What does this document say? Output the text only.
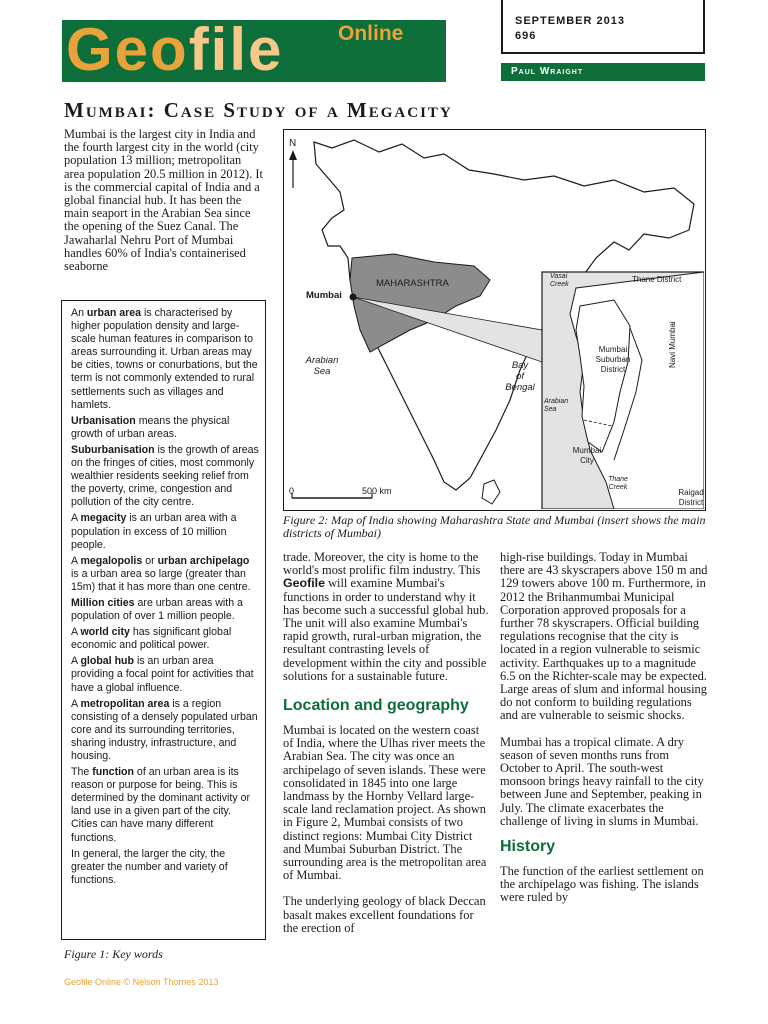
Geofile	Online
SEPTEMBER 2013
696
Paul Wraight
Mumbai: Case Study of a Megacity

Mumbai is the largest city in India and the fourth largest city in the world (city population 13 million; metropolitan area population 20.5 million in 2012). It is the commercial capital of India and a global financial hub. It has been the main seaport in the Arabian Sea since the opening of the Suez Canal. The Jawaharlal Nehru Port of Mumbai handles 60% of India's containerised seaborne

An urban area is characterised by higher population density and large-scale human features in comparison to areas surrounding it. Urban areas may be cities, towns or conurbations, but the term is not commonly extended to rural settlements such as villages and hamlets.

Urbanisation means the physical growth of urban areas.

Suburbanisation is the growth of areas on the fringes of cities, most commonly wealthier residents seeking relief from the poverty, crime, congestion and pollution of the city centre.

A megacity is an urban area with a population in excess of 10 million people.

A megalopolis or urban archipelago is a urban area so large (greater than 15m) that it has more than one centre.

Million cities are urban areas with a population of over 1 million people.

A world city has significant global economic and political power.

A global hub is an urban area providing a focal point for activities that have a global influence.

A metropolitan area is a region consisting of a densely populated urban core and its surrounding territories, sharing industry, infrastructure, and housing.

The function of an urban area is its reason or purpose for being. This is determined by the dominant activity or land use in a given part of the city. Cities can have many different functions.

In general, the larger the city, the greater the number and variety of functions.

Figure 1: Key words
N
Mumbai
MAHARASHTRA
Arabian
Sea
Bay
of
Bengal
0	500 km
Vasai
Creek
Thane District
Mumbai
Suburban
District
Arabian
Sea
Navi Mumbai
Mumbai
City
Thane
Creek
Raigad
District
Figure 2: Map of India showing Maharashtra State and Mumbai (insert shows the main districts of Mumbai)

trade. Moreover, the city is home to the world's most prolific film industry. This Geofile will examine Mumbai's functions in order to understand why it has become such a successful global hub. The unit will also examine Mumbai's rapid growth, rural-urban migration, the resultant contrasting levels of development within the city and possible solutions for a sustainable future.

Location and geography

Mumbai is located on the western coast of India, where the Ulhas river meets the Arabian Sea. The city was once an archipelago of seven islands. These were consolidated in 1845 into one large landmass by the Hornby Vellard large-scale land reclamation project. As shown in Figure 2, Mumbai consists of two distinct regions: Mumbai City District and Mumbai Suburban District. The surrounding area is the metropolitan area of Mumbai.

The underlying geology of black Deccan basalt makes excellent foundations for the erection of

high-rise buildings. Today in Mumbai there are 43 skyscrapers above 150 m and 129 towers above 100 m. Furthermore, in 2012 the Brihanmumbai Municipal Corporation approved proposals for a further 78 skyscrapers. Official building regulations recognise that the city is located in a region vulnerable to seismic activity. Earthquakes up to a magnitude 6.5 on the Richter-scale may be expected. Large areas of slum and informal housing do not conform to building regulations and are vulnerable to seismic shocks.

Mumbai has a tropical climate. A dry season of seven months runs from October to April. The south-west monsoon brings heavy rainfall to the city between June and September, peaking in July. The climate exacerbates the challenge of living in slums in Mumbai.

History

The function of the earliest settlement on the archipelago was fishing. The islands were ruled by

Geofile Online © Nelson Thornes 2013
